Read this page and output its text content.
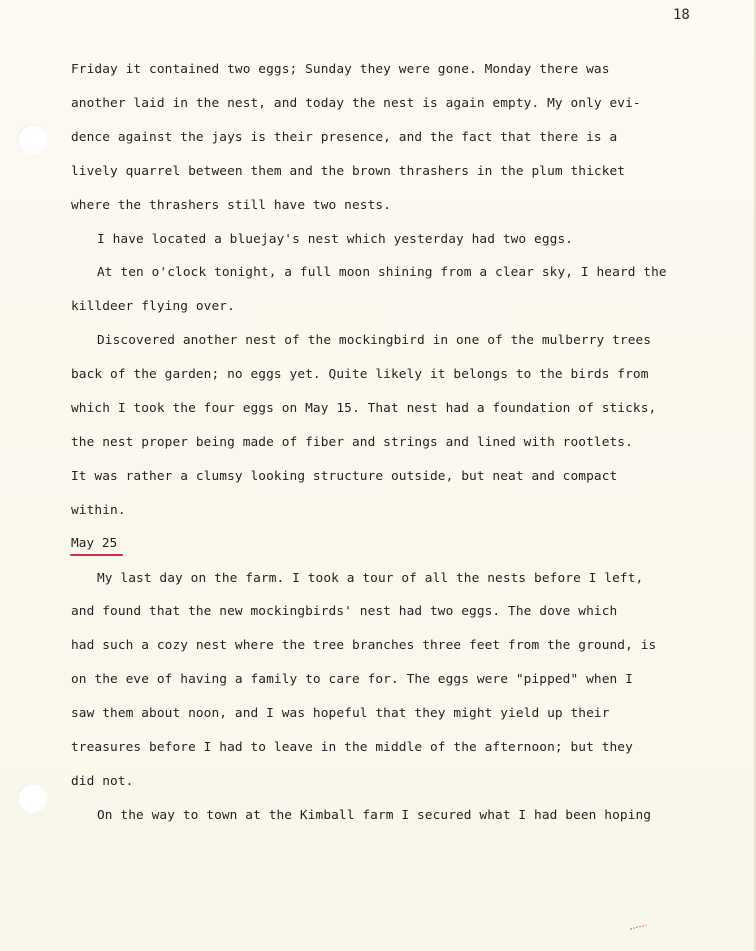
18
Friday it contained two eggs; Sunday they were gone. Monday there was
another laid in the nest, and today the nest is again empty. My only evi-
dence against the jays is their presence, and the fact that there is a
lively quarrel between them and the brown thrashers in the plum thicket
where the thrashers still have two nests.
I have located a bluejay's nest which yesterday had two eggs.
At ten o'clock tonight, a full moon shining from a clear sky, I heard the
killdeer flying over.
Discovered another nest of the mockingbird in one of the mulberry trees
back of the garden; no eggs yet. Quite likely it belongs to the birds from
which I took the four eggs on May 15. That nest had a foundation of sticks,
the nest proper being made of fiber and strings and lined with rootlets.
It was rather a clumsy looking structure outside, but neat and compact
within.
May 25
My last day on the farm. I took a tour of all the nests before I left,
and found that the new mockingbirds' nest had two eggs. The dove which
had such a cozy nest where the tree branches three feet from the ground, is
on the eve of having a family to care for. The eggs were "pipped" when I
saw them about noon, and I was hopeful that they might yield up their
treasures before I had to leave in the middle of the afternoon; but they
did not.
On the way to town at the Kimball farm I secured what I had been hoping
